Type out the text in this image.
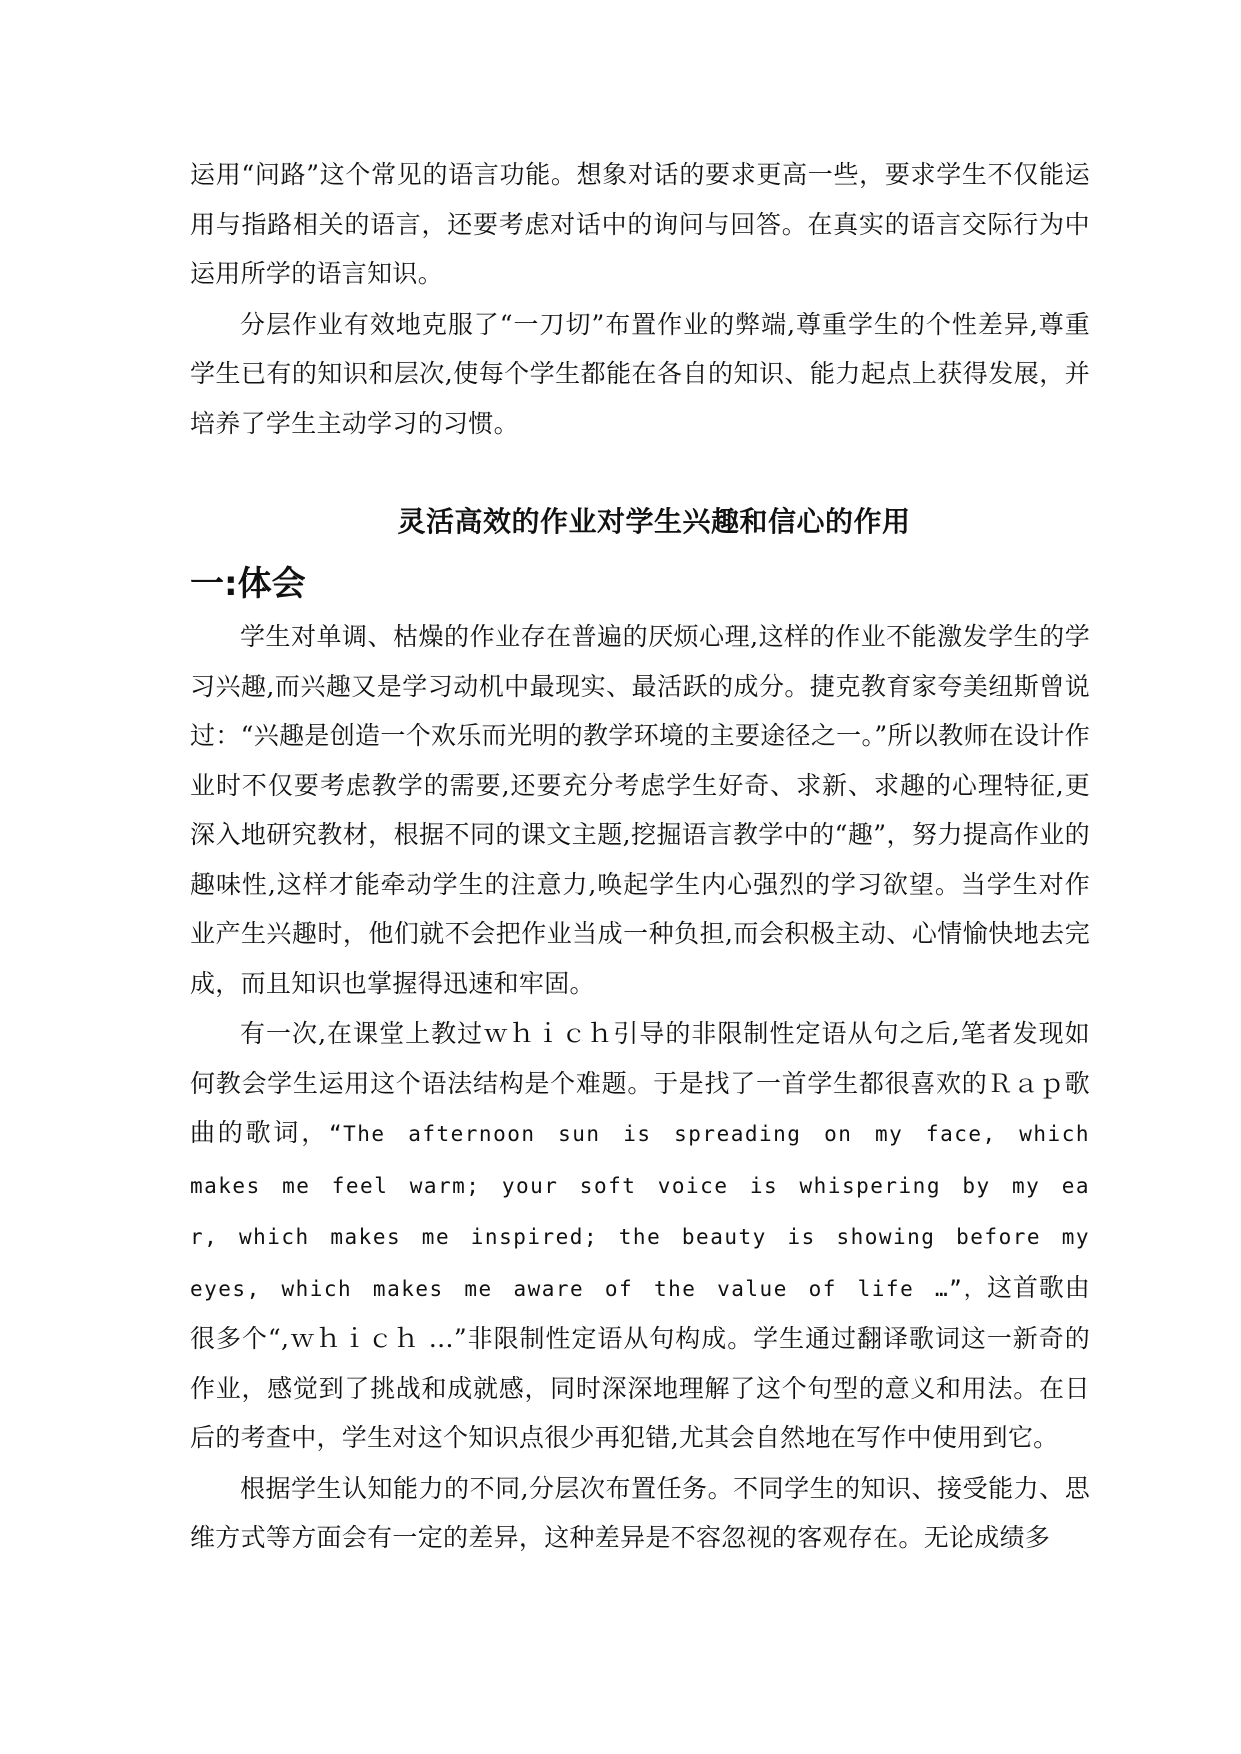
运用“问路”这个常见的语言功能。想象对话的要求更高一些，要求学生不仅能运用与指路相关的语言，还要考虑对话中的询问与回答。在真实的语言交际行为中运用所学的语言知识。

分层作业有效地克服了“一刀切”布置作业的弊端,尊重学生的个性差异,尊重学生已有的知识和层次,使每个学生都能在各自的知识、能力起点上获得发展，并培养了学生主动学习的习惯。

灵活高效的作业对学生兴趣和信心的作用
一:体会

学生对单调、枯燥的作业存在普遍的厌烦心理,这样的作业不能激发学生的学习兴趣,而兴趣又是学习动机中最现实、最活跃的成分。捷克教育家夸美纽斯曾说过：“兴趣是创造一个欢乐而光明的教学环境的主要途径之一。”所以教师在设计作业时不仅要考虑教学的需要,还要充分考虑学生好奇、求新、求趣的心理特征,更深入地研究教材，根据不同的课文主题,挖掘语言教学中的“趣”，努力提高作业的趣味性,这样才能牵动学生的注意力,唤起学生内心强烈的学习欲望。当学生对作业产生兴趣时，他们就不会把作业当成一种负担,而会积极主动、心情愉快地去完成，而且知识也掌握得迅速和牢固。

有一次,在课堂上教过ｗｈｉｃｈ引导的非限制性定语从句之后,笔者发现如何教会学生运用这个语法结构是个难题。于是找了一首学生都很喜欢的Ｒａｐ歌曲的歌词，“The afternoon sun is spreading on my face, which makes me feel warm; your soft voice is whispering by my ear, which makes me inspired; the beauty is showing before my eyes, which makes me aware of the value of life …”，这首歌由很多个“,ｗｈｉｃｈ …”非限制性定语从句构成。学生通过翻译歌词这一新奇的作业，感觉到了挑战和成就感，同时深深地理解了这个句型的意义和用法。在日后的考查中，学生对这个知识点很少再犯错,尤其会自然地在写作中使用到它。

根据学生认知能力的不同,分层次布置任务。不同学生的知识、接受能力、思维方式等方面会有一定的差异，这种差异是不容忽视的客观存在。无论成绩多
